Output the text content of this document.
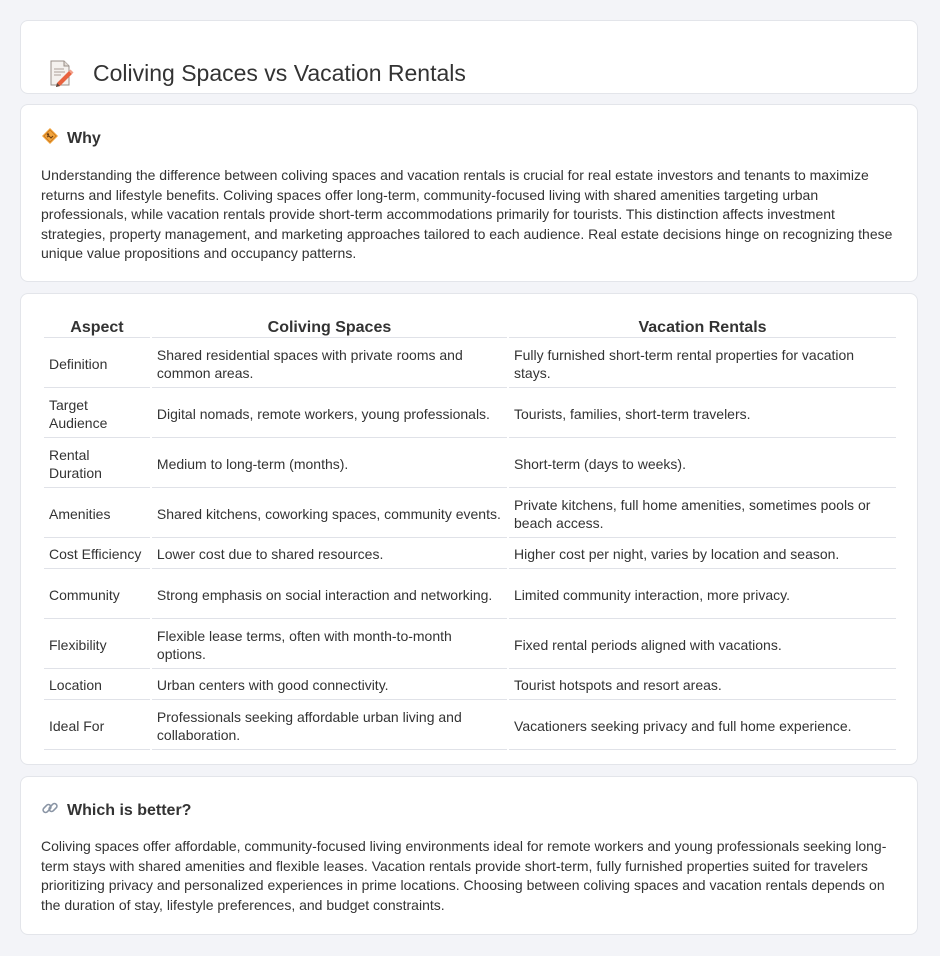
Coliving Spaces vs Vacation Rentals
Why

Understanding the difference between coliving spaces and vacation rentals is crucial for real estate investors and tenants to maximize returns and lifestyle benefits. Coliving spaces offer long-term, community-focused living with shared amenities targeting urban professionals, while vacation rentals provide short-term accommodations primarily for tourists. This distinction affects investment strategies, property management, and marketing approaches tailored to each audience. Real estate decisions hinge on recognizing these unique value propositions and occupancy patterns.

Aspect	Coliving Spaces	Vacation Rentals
Definition	Shared residential spaces with private rooms and common areas.	Fully furnished short-term rental properties for vacation stays.
Target Audience	Digital nomads, remote workers, young professionals.	Tourists, families, short-term travelers.
Rental Duration	Medium to long-term (months).	Short-term (days to weeks).
Amenities	Shared kitchens, coworking spaces, community events.	Private kitchens, full home amenities, sometimes pools or beach access.
Cost Efficiency	Lower cost due to shared resources.	Higher cost per night, varies by location and season.
Community	Strong emphasis on social interaction and networking.	Limited community interaction, more privacy.
Flexibility	Flexible lease terms, often with month-to-month options.	Fixed rental periods aligned with vacations.
Location	Urban centers with good connectivity.	Tourist hotspots and resort areas.
Ideal For	Professionals seeking affordable urban living and collaboration.	Vacationers seeking privacy and full home experience.
Which is better?

Coliving spaces offer affordable, community-focused living environments ideal for remote workers and young professionals seeking long-term stays with shared amenities and flexible leases. Vacation rentals provide short-term, fully furnished properties suited for travelers prioritizing privacy and personalized experiences in prime locations. Choosing between coliving spaces and vacation rentals depends on the duration of stay, lifestyle preferences, and budget constraints.
